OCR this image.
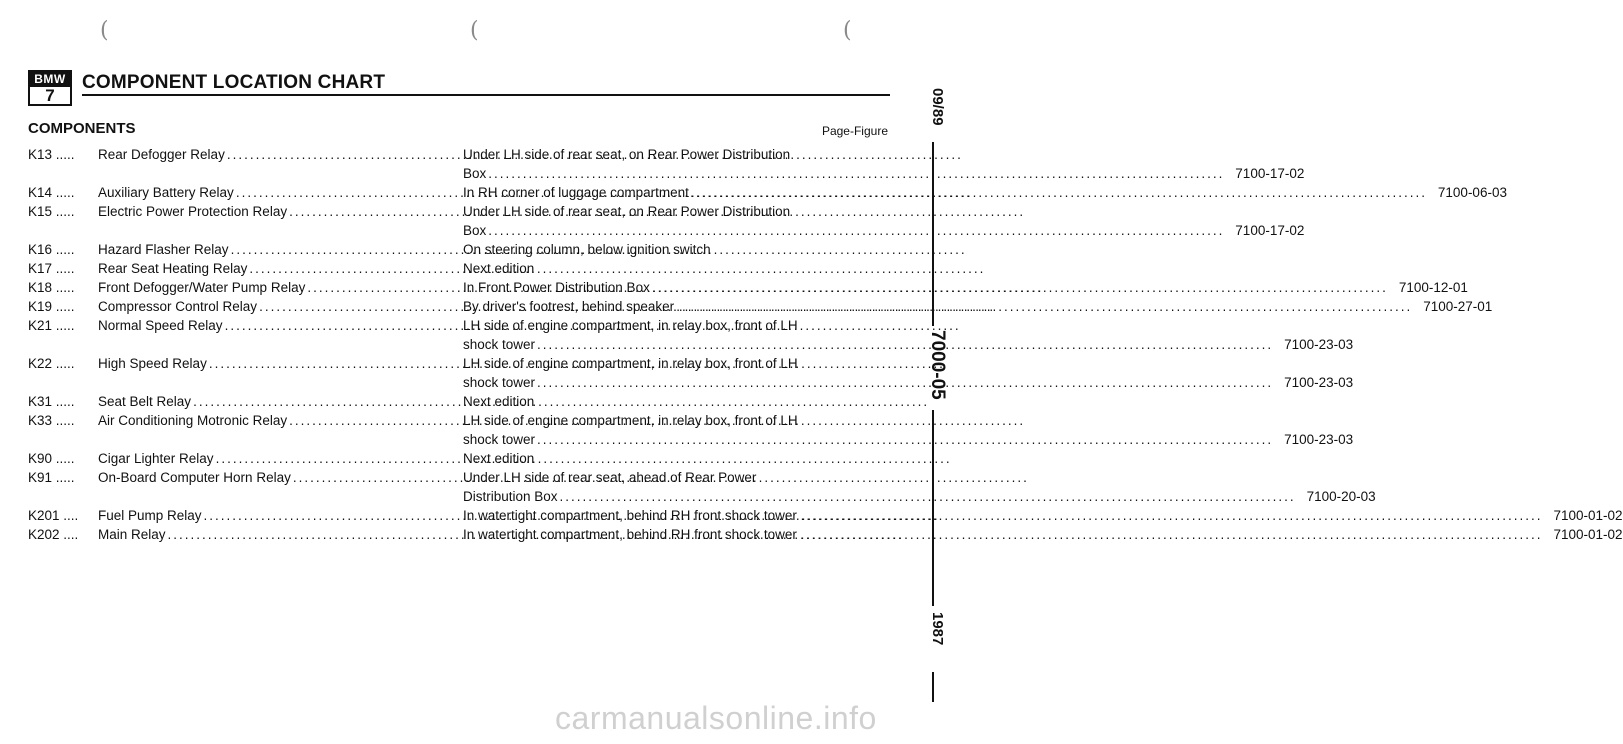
(	(	(
BMW
7
COMPONENT LOCATION CHART
COMPONENTS	Page-Figure
K13 .....	Rear Defogger Relay .....	Under LH side of rear seat, on Rear Power Distribution
Box .....	7100-17-02
K14 .....	Auxiliary Battery Relay .....	In RH corner of luggage compartment .....	7100-06-03
K15 .....	Electric Power Protection Relay .....	Under LH side of rear seat, on Rear Power Distribution
Box .....	7100-17-02
K16 .....	Hazard Flasher Relay .....	On steering column, below ignition switch
K17 .....	Rear Seat Heating Relay .....	Next edition
K18 .....	Front Defogger/Water Pump Relay .....	In Front Power Distribution Box .....	7100-12-01
K19 .....	Compressor Control Relay .....	By driver's footrest, behind speaker .....	7100-27-01
K21 .....	Normal Speed Relay .....	LH side of engine compartment, in relay box, front of LH
shock tower .....	7100-23-03
K22 .....	High Speed Relay .....	LH side of engine compartment, in relay box, front of LH
shock tower .....	7100-23-03
K31 .....	Seat Belt Relay .....	Next edition
K33 .....	Air Conditioning Motronic Relay .....	LH side of engine compartment, in relay box, front of LH
shock tower .....	7100-23-03
K90 .....	Cigar Lighter Relay .....	Next edition
K91 .....	On-Board Computer Horn Relay .....	Under LH side of rear seat, ahead of Rear Power
Distribution Box .....	7100-20-03
K201 ....	Fuel Pump Relay .....	In watertight compartment, behind RH front shock tower . .....	7100-01-02
K202 ....	Main Relay .....	In watertight compartment, behind RH front shock tower . .....	7100-01-02
09/89
7000-05
1987
carmanualsonline.info
